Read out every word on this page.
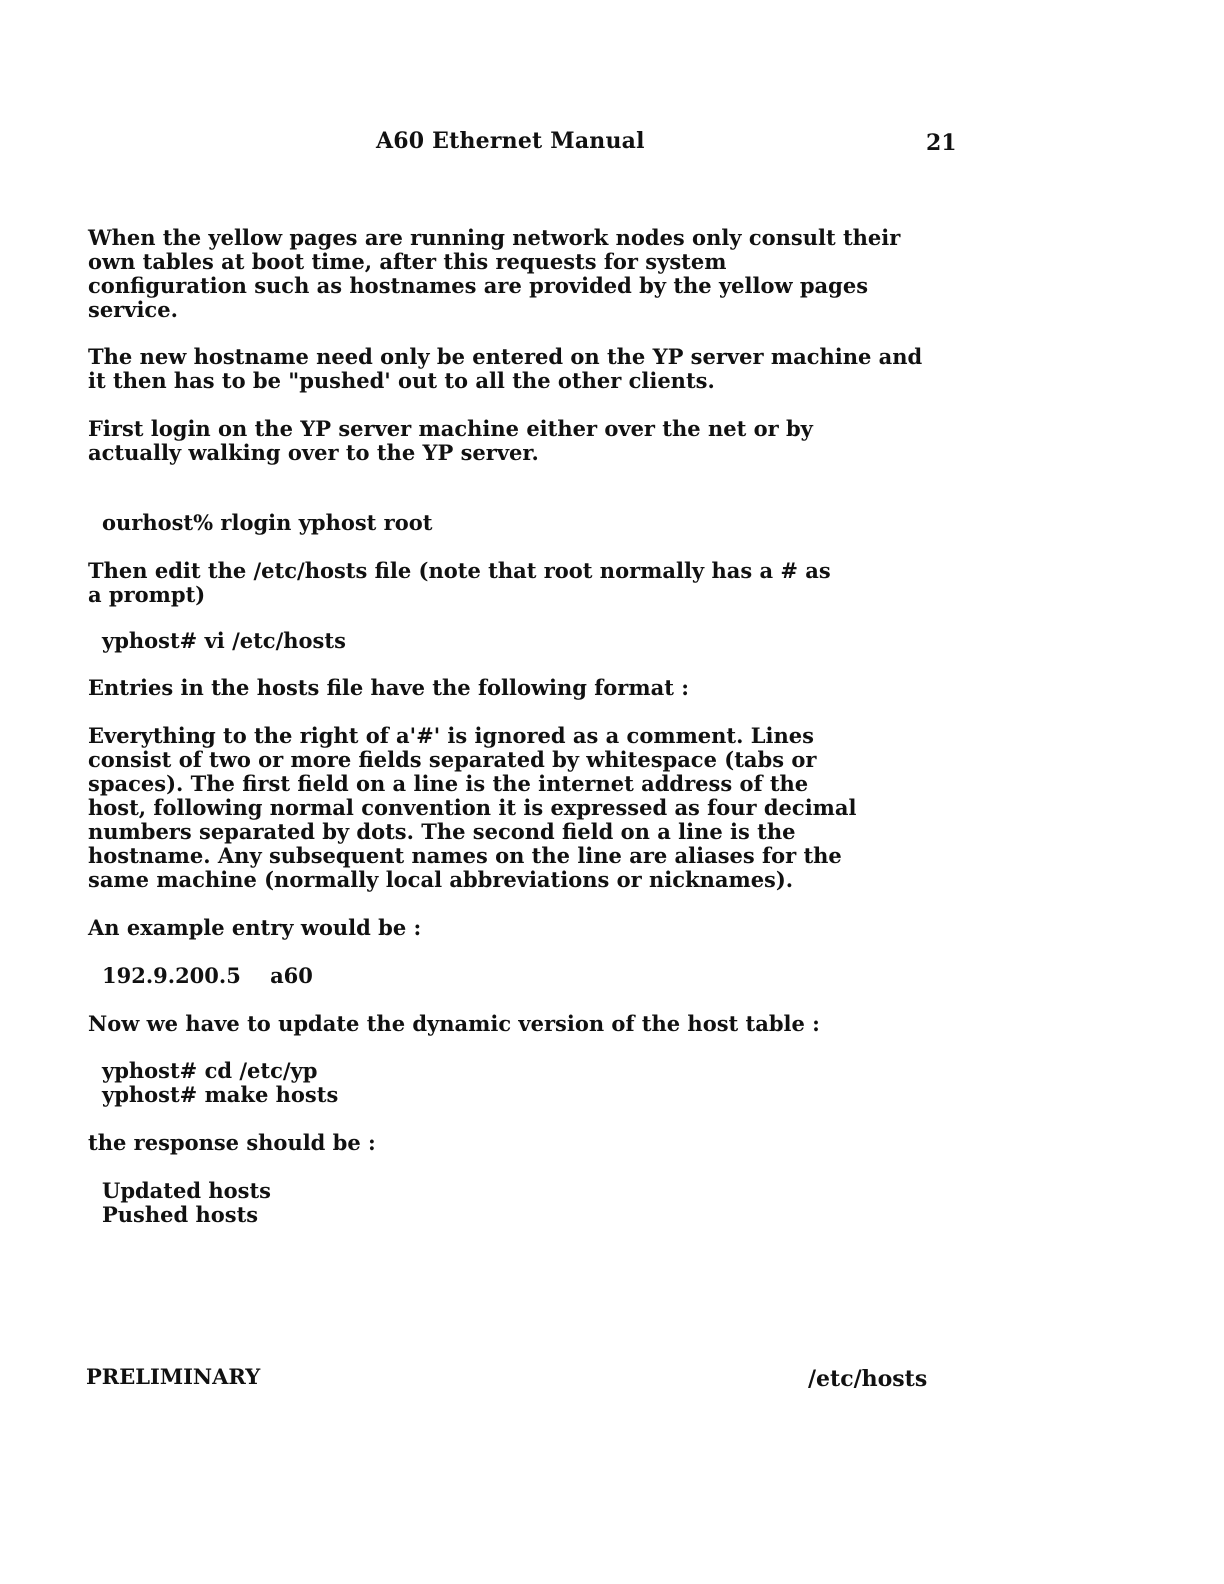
A60 Ethernet Manual	21

When the yellow pages are running network nodes only consult their
own tables at boot time, after this requests for system
configuration such as hostnames are provided by the yellow pages
service.

The new hostname need only be entered on the YP server machine and
it then has to be "pushed' out to all the other clients.

First login on the YP server machine either over the net or by
actually walking over to the YP server.

ourhost% rlogin yphost root

Then edit the /etc/hosts file (note that root normally has a # as
a prompt)

yphost# vi /etc/hosts

Entries in the hosts file have the following format :

Everything to the right of a'#' is ignored as a comment. Lines
consist of two or more fields separated by whitespace (tabs or
spaces). The first field on a line is the internet address of the
host, following normal convention it is expressed as four decimal
numbers separated by dots. The second field on a line is the
hostname. Any subsequent names on the line are aliases for the
same machine (normally local abbreviations or nicknames).

An example entry would be :

192.9.200.5    a60

Now we have to update the dynamic version of the host table :

yphost# cd /etc/yp
yphost# make hosts

the response should be :

Updated hosts
Pushed hosts

PRELIMINARY	/etc/hosts
